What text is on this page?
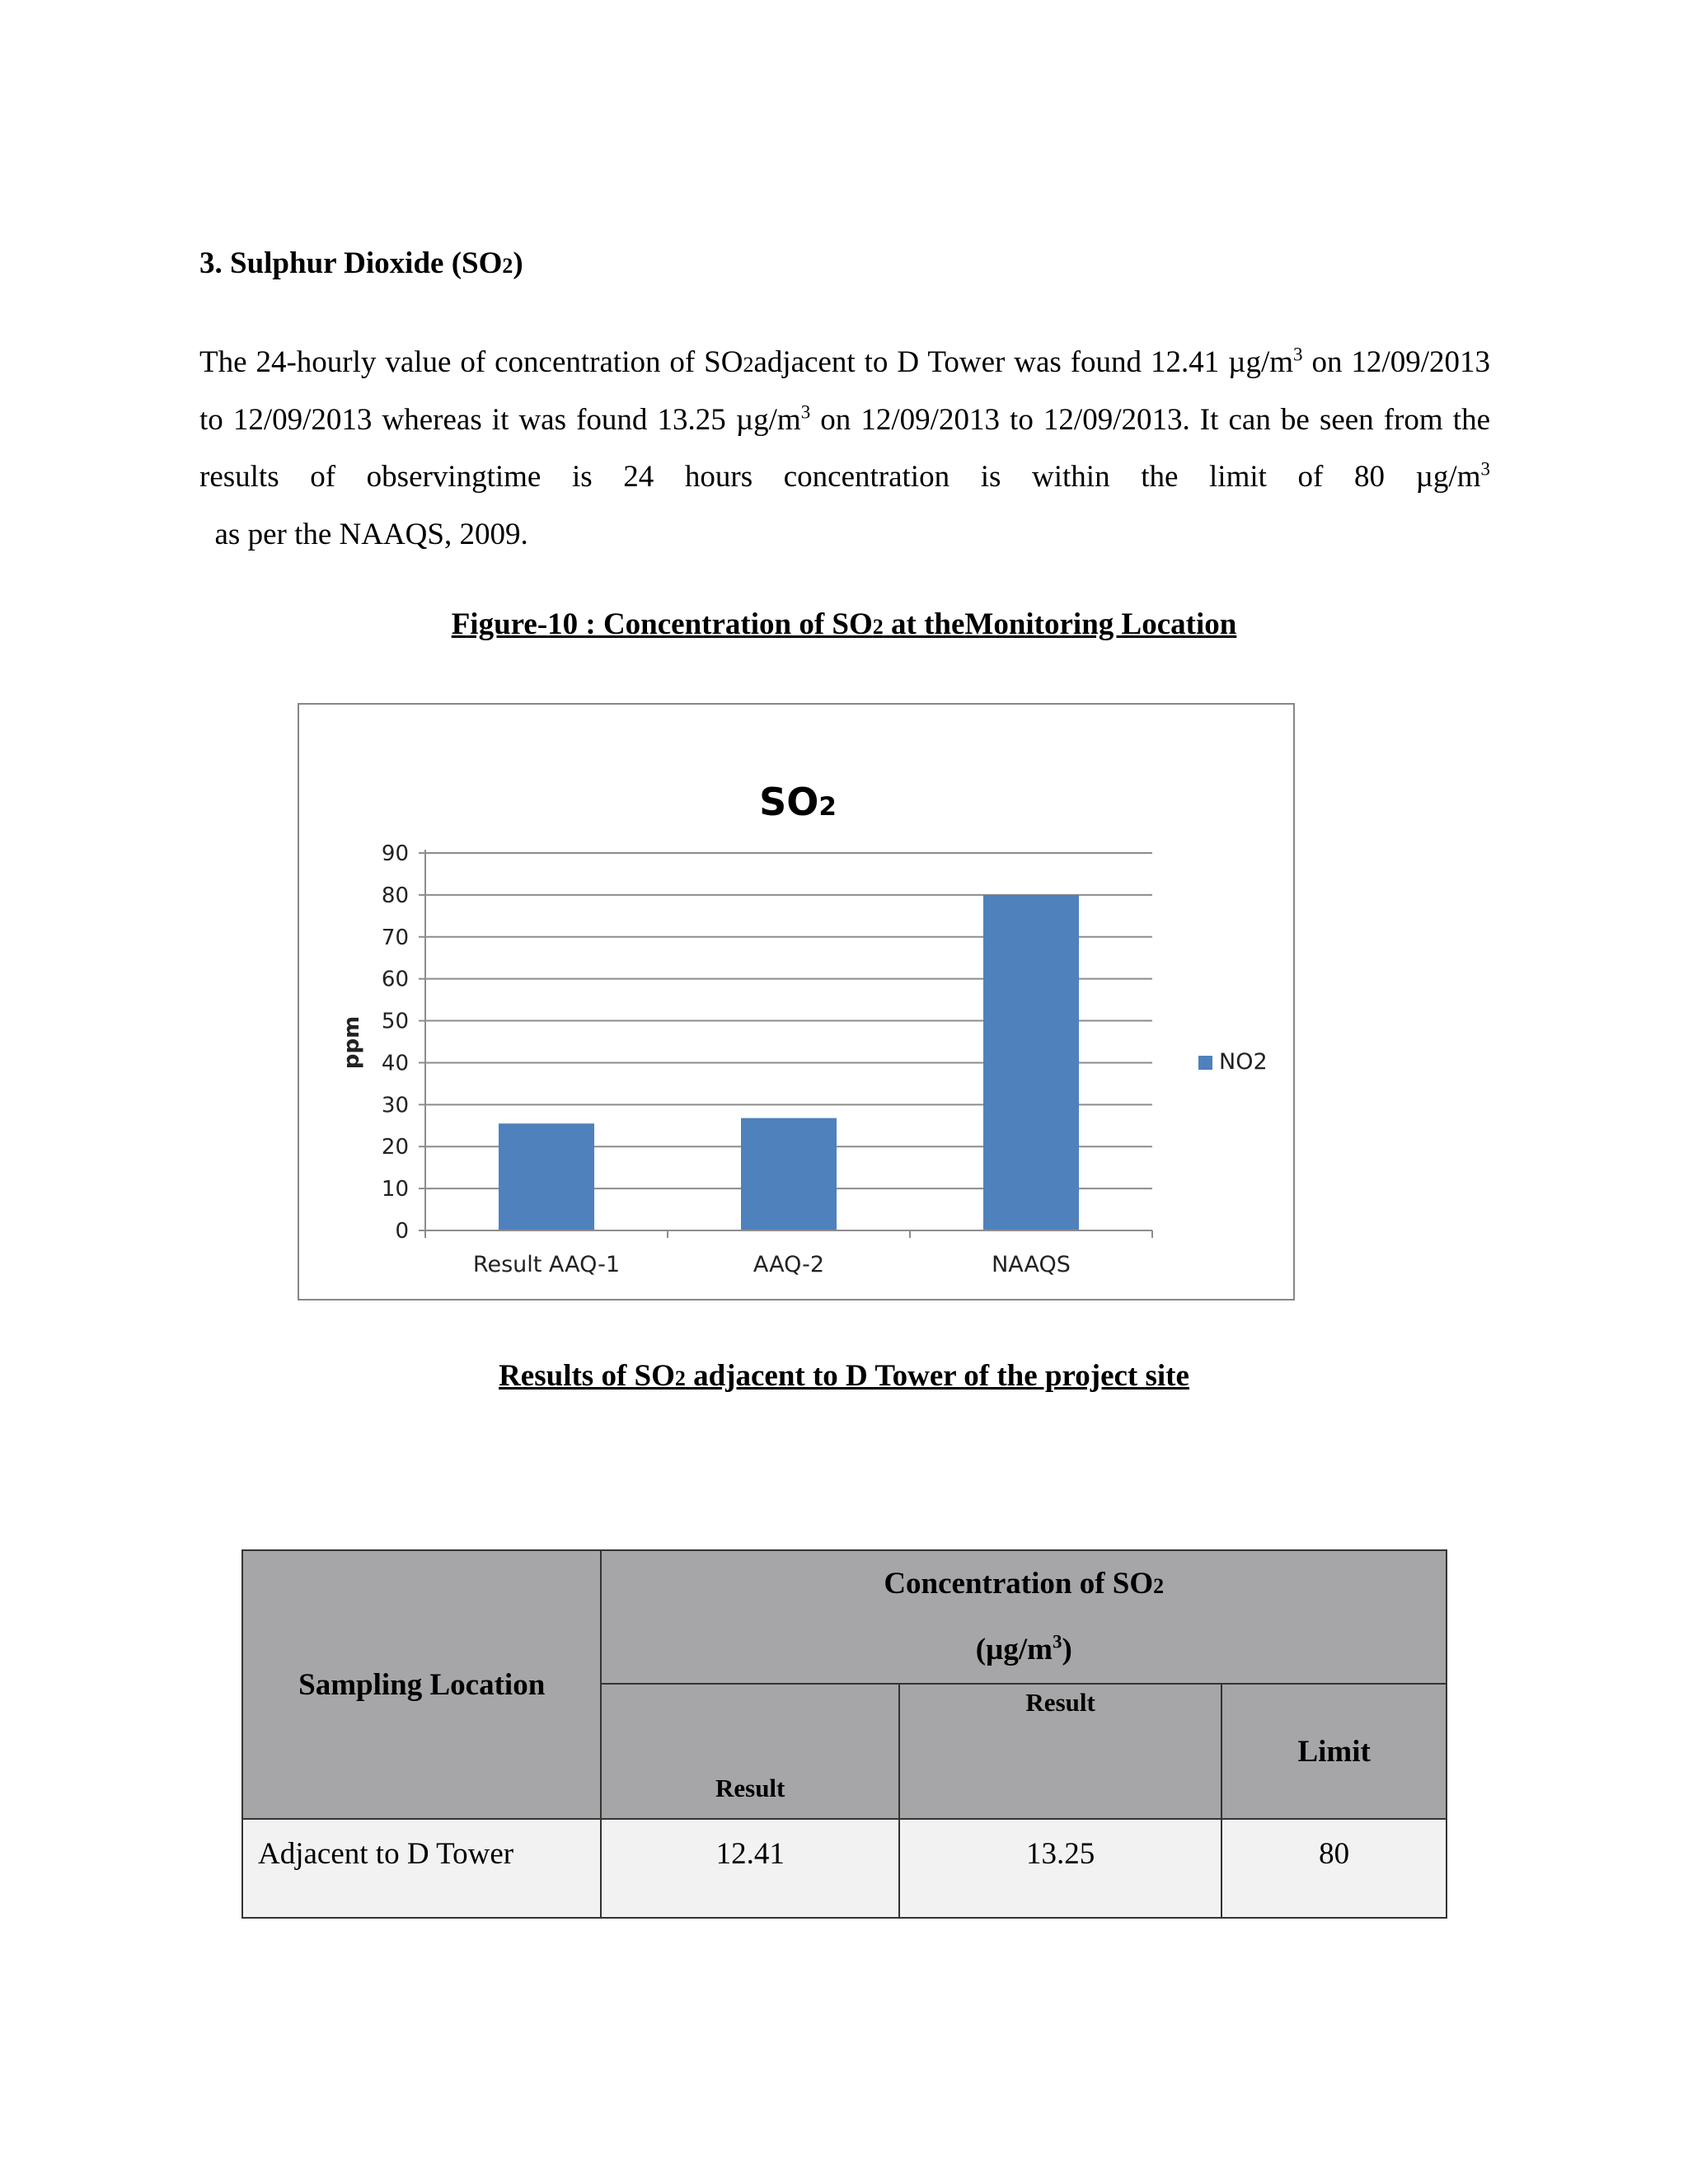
3. Sulphur Dioxide (SO2)
The 24-hourly value of concentration of SO2adjacent to D Tower was found 12.41 $\mu g/m^3$ on 12/09/2013 to 12/09/2013 whereas it was found 13.25 $\mu g/m^3$ on 12/09/2013 to 12/09/2013. It can be seen from the results of observingtime is 24 hours concentration is within the limit of 80 $\mu g/m^3$  as per the NAAQS, 2009.
Figure-10 : Concentration of SO2 at theMonitoring Location
0
10
20
30
40
50
60
70
80
90
Result AAQ-1	AAQ-2	NAAQS
SO2
ppm	NO2
Results of SO2 adjacent to D Tower of the project site
Sampling Location	Concentration of SO2
$(\mu g/m^3)$		
	Result	Result	Limit
Adjacent to D Tower	12.41	13.25	80
